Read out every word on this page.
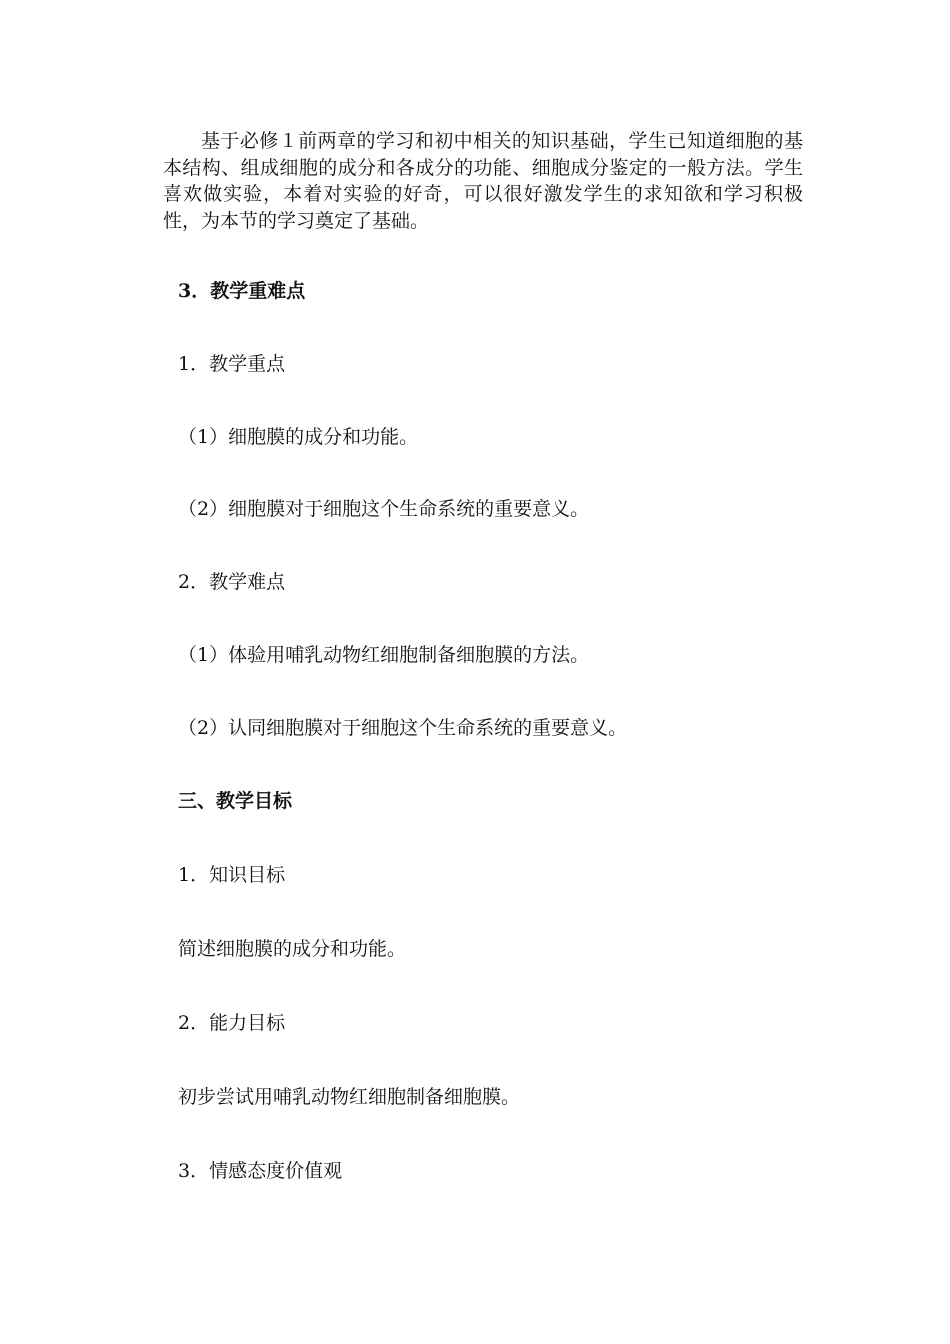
基于必修１前两章的学习和初中相关的知识基础，学生已知道细胞的基本结构、组成细胞的成分和各成分的功能、细胞成分鉴定的一般方法。学生喜欢做实验，本着对实验的好奇，可以很好激发学生的求知欲和学习积极性，为本节的学习奠定了基础。

3．教学重难点

1．教学重点

（1）细胞膜的成分和功能。

（2）细胞膜对于细胞这个生命系统的重要意义。

2．教学难点

（1）体验用哺乳动物红细胞制备细胞膜的方法。

（2）认同细胞膜对于细胞这个生命系统的重要意义。

三、教学目标

1．知识目标

简述细胞膜的成分和功能。

2．能力目标

初步尝试用哺乳动物红细胞制备细胞膜。

3．情感态度价值观
